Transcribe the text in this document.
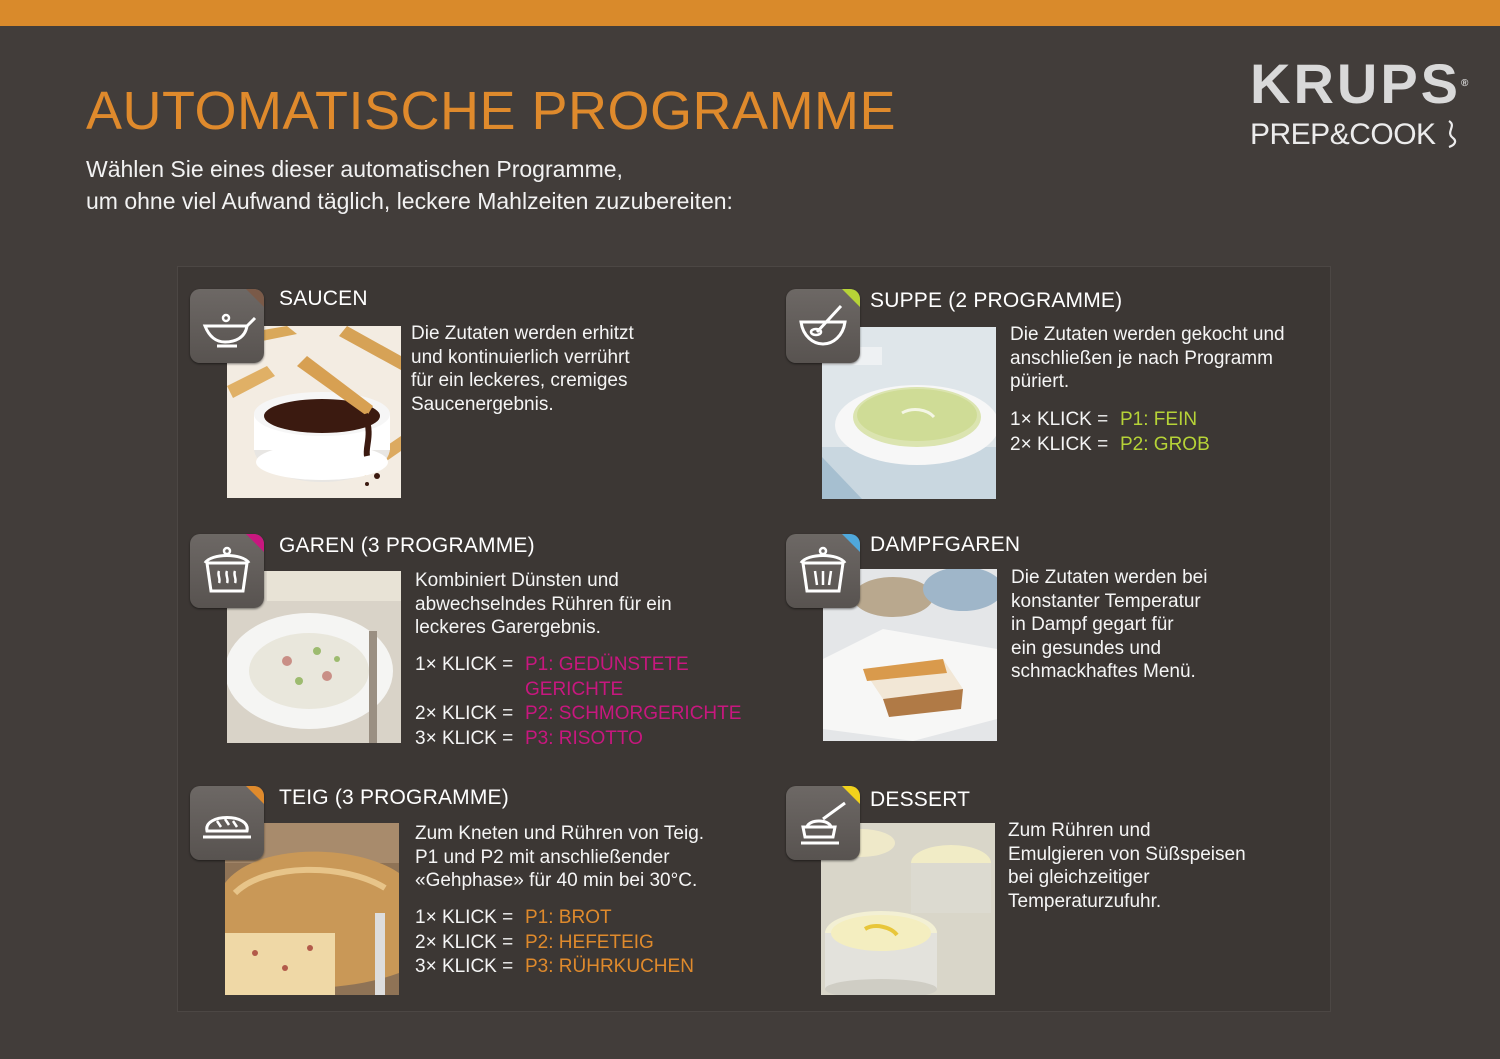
AUTOMATISCHE PROGRAMME
Wählen Sie eines dieser automatischen Programme,
um ohne viel Aufwand täglich, leckere Mahlzeiten zuzubereiten:
KRUPS®
PREP&COOK
SAUCEN
Die Zutaten werden erhitzt
und kontinuierlich verrührt
für ein leckeres, cremiges
Saucenergebnis.
SUPPE (2 PROGRAMME)
Die Zutaten werden gekocht und
anschließen je nach Programm
püriert.
1× KLICK = P1: FEIN
2× KLICK = P2: GROB
GAREN (3 PROGRAMME)
Kombiniert Dünsten und
abwechselndes Rühren für ein
leckeres Garergebnis.
1× KLICK = P1: GEDÜNSTETE
GERICHTE
2× KLICK = P2: SCHMORGERICHTE
3× KLICK = P3: RISOTTO
DAMPFGAREN
Die Zutaten werden bei
konstanter Temperatur
in Dampf gegart für
ein gesundes und
schmackhaftes Menü.
TEIG (3 PROGRAMME)
Zum Kneten und Rühren von Teig.
P1 und P2 mit anschließender
«Gehphase» für 40 min bei 30°C.
1× KLICK = P1: BROT
2× KLICK = P2: HEFETEIG
3× KLICK = P3: RÜHRKUCHEN
DESSERT
Zum Rühren und
Emulgieren von Süßspeisen
bei gleichzeitiger
Temperaturzufuhr.
